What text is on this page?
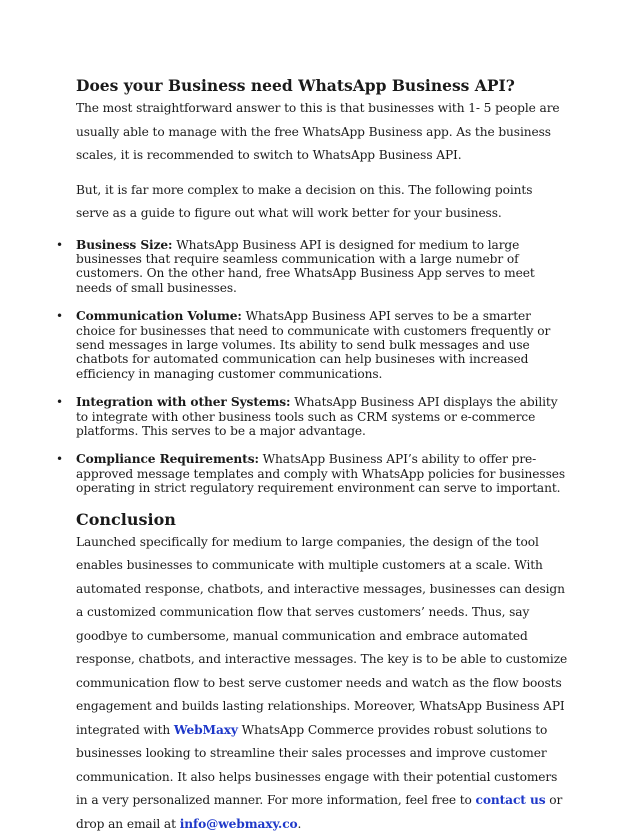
Does your Business need WhatsApp Business API?

The most straightforward answer to this is that businesses with 1- 5 people are usually able to manage with the free WhatsApp Business app. As the business scales, it is recommended to switch to WhatsApp Business API.

But, it is far more complex to make a decision on this. The following points serve as a guide to figure out what will work better for your business.

• Business Size: WhatsApp Business API is designed for medium to large businesses that require seamless communication with a large numebr of customers. On the other hand, free WhatsApp Business App serves to meet needs of small businesses.
• Communication Volume: WhatsApp Business API serves to be a smarter choice for businesses that need to communicate with customers frequently or send messages in large volumes. Its ability to send bulk messages and use chatbots for automated communication can help busineses with increased efficiency in managing customer communications.
• Integration with other Systems: WhatsApp Business API displays the ability to integrate with other business tools such as CRM systems or e-commerce platforms. This serves to be a major advantage.
• Compliance Requirements: WhatsApp Business API’s ability to offer pre-approved message templates and comply with WhatsApp policies for businesses operating in strict regulatory requirement environment can serve to important.
Conclusion

Launched specifically for medium to large companies, the design of the tool enables businesses to communicate with multiple customers at a scale. With automated response, chatbots, and interactive messages, businesses can design a customized communication flow that serves customers’ needs. Thus, say goodbye to cumbersome, manual communication and embrace automated response, chatbots, and interactive messages. The key is to be able to customize communication flow to best serve customer needs and watch as the flow boosts engagement and builds lasting relationships. Moreover, WhatsApp Business API integrated with WebMaxy WhatsApp Commerce provides robust solutions to businesses looking to streamline their sales processes and improve customer communication. It also helps businesses engage with their potential customers in a very personalized manner. For more information, feel free to contact us or drop an email at info@webmaxy.co.
